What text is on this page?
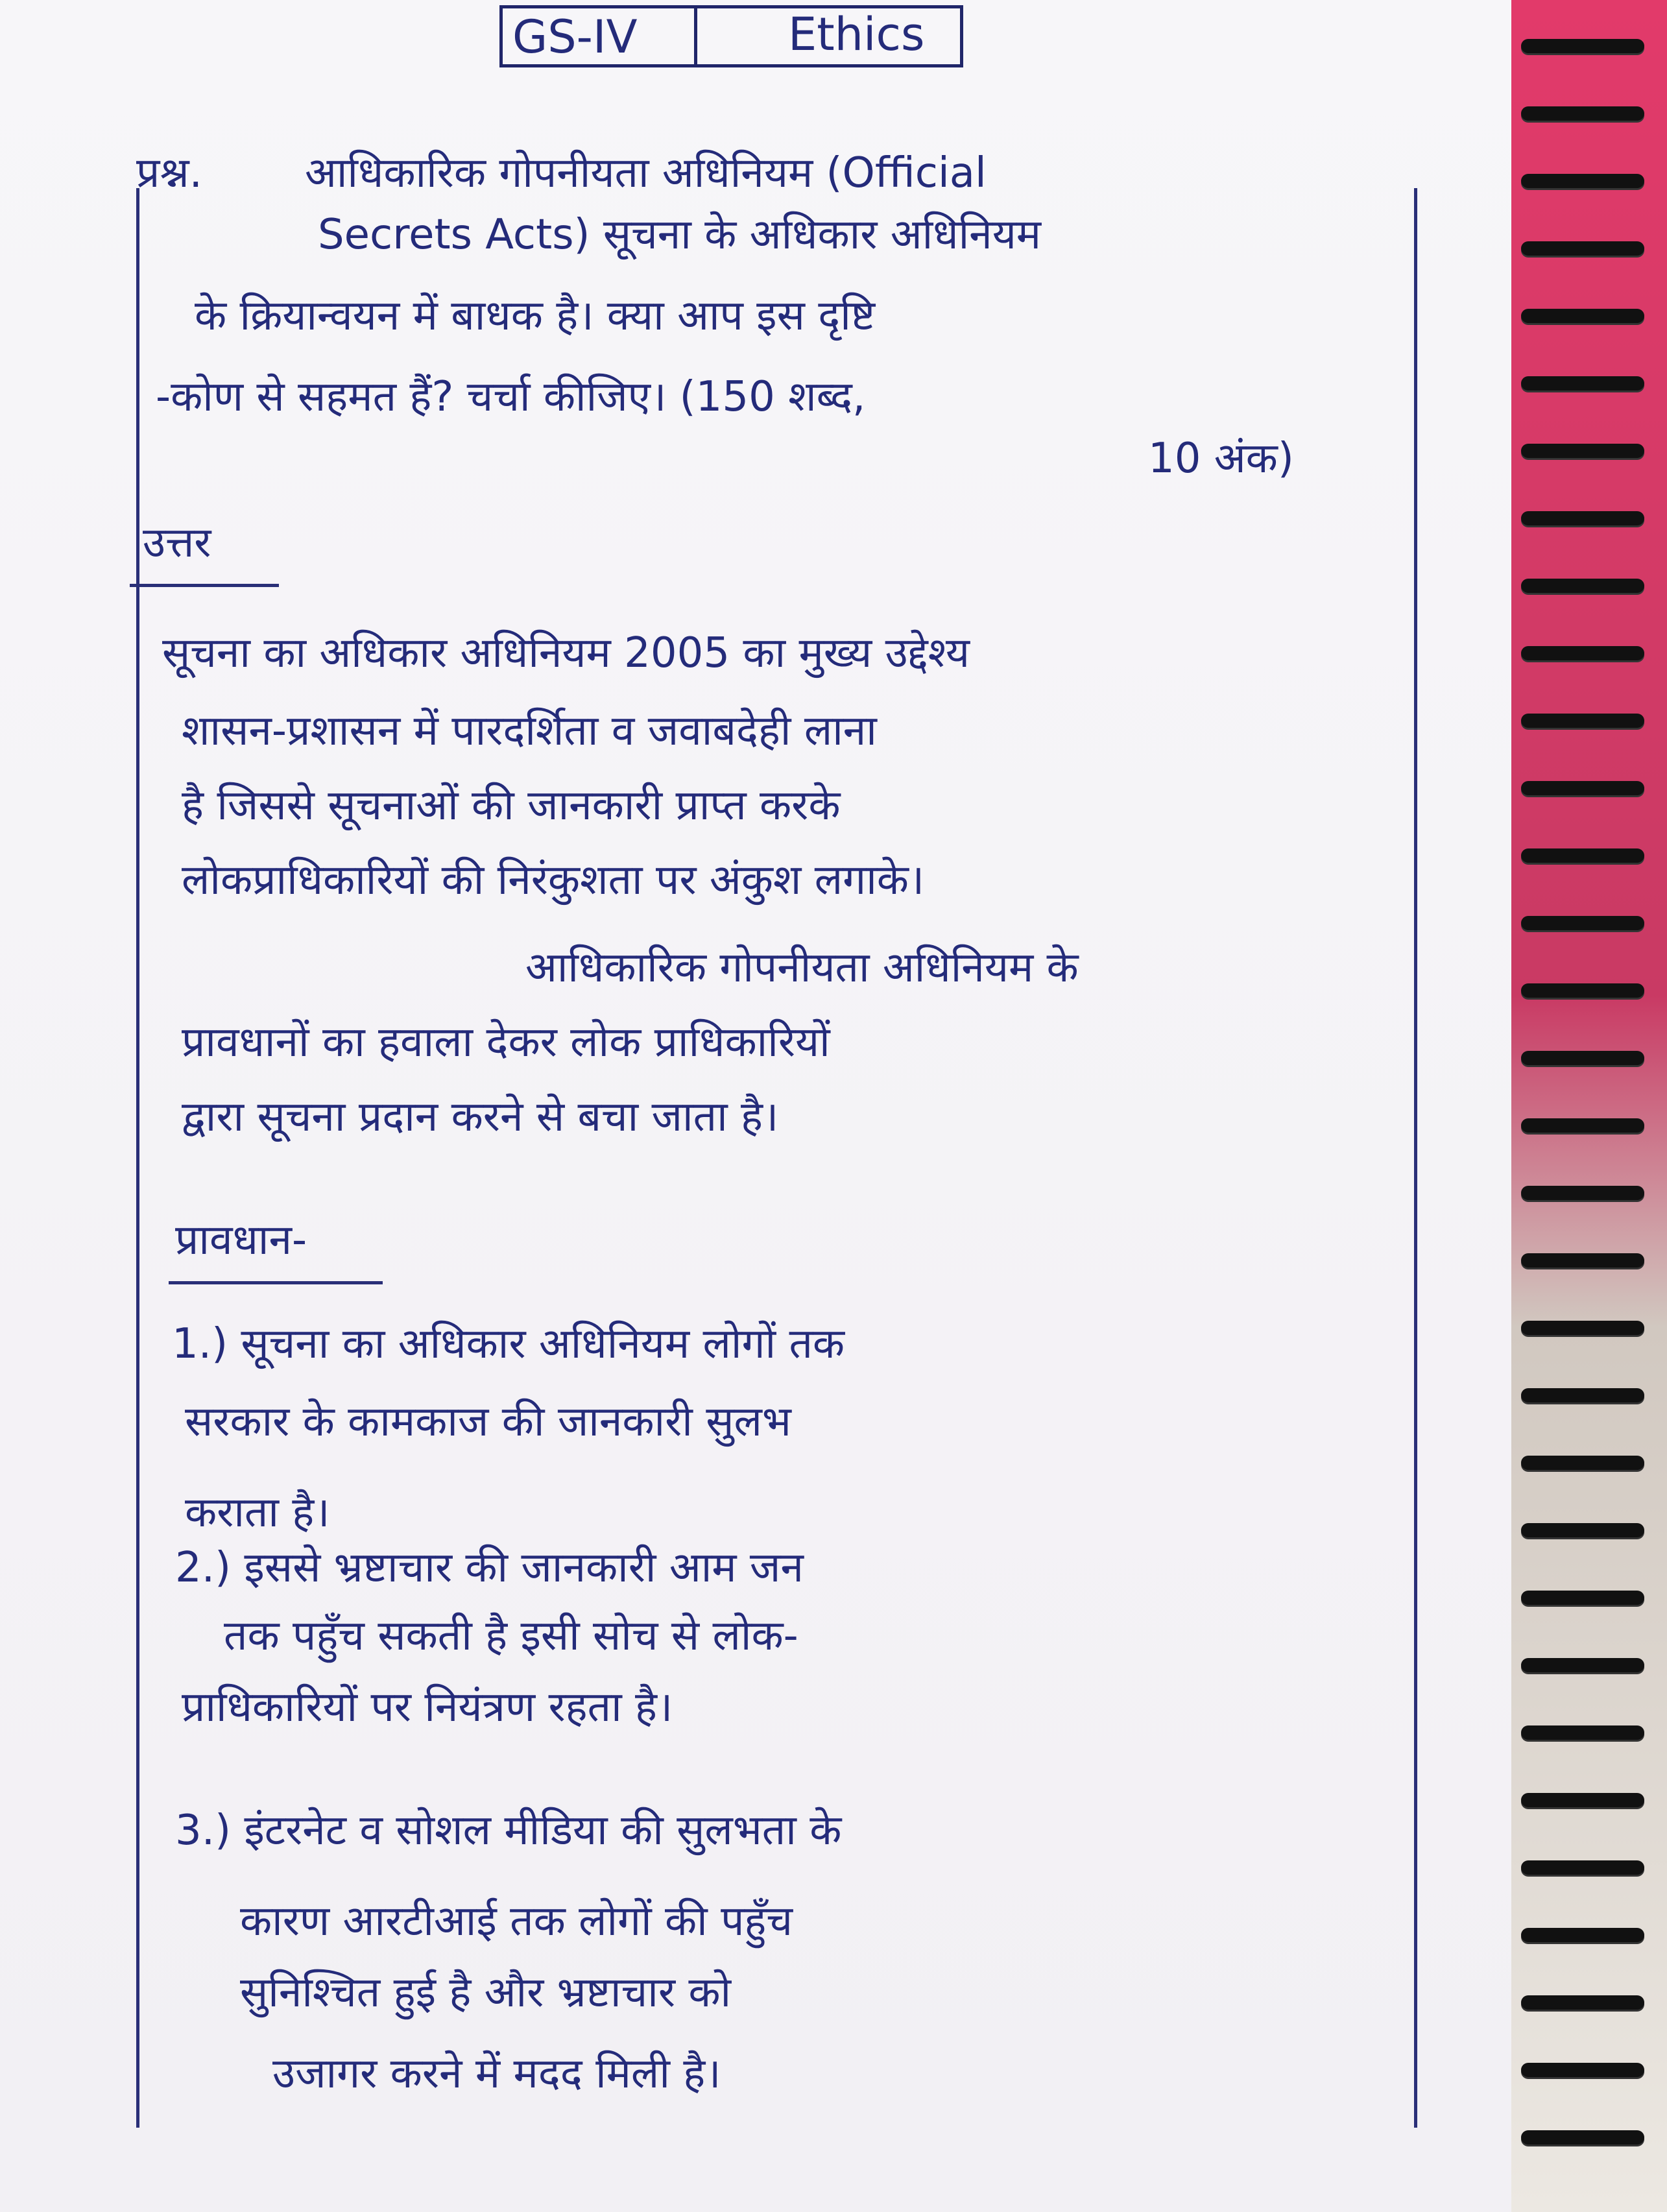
GS-IV	Ethics
प्रश्न. आधिकारिक गोपनीयता अधिनियम (Official
Secrets Acts) सूचना के अधिकार अधिनियम
के क्रियान्वयन में बाधक है। क्या आप इस दृष्टि
-कोण से सहमत हैं? चर्चा कीजिए। (150 शब्द,
10 अंक)
उत्तर
सूचना का अधिकार अधिनियम 2005 का मुख्य उद्देश्य
शासन-प्रशासन में पारदर्शिता व जवाबदेही लाना
है जिससे सूचनाओं की जानकारी प्राप्त करके
लोकप्राधिकारियों की निरंकुशता पर अंकुश लगाके।
आधिकारिक गोपनीयता अधिनियम के
प्रावधानों का हवाला देकर लोक प्राधिकारियों
द्वारा सूचना प्रदान करने से बचा जाता है।
प्रावधान-
1.) सूचना का अधिकार अधिनियम लोगों तक
सरकार के कामकाज की जानकारी सुलभ
कराता है।
2.) इससे भ्रष्टाचार की जानकारी आम जन
तक पहुँच सकती है इसी सोच से लोक-
प्राधिकारियों पर नियंत्रण रहता है।
3.) इंटरनेट व सोशल मीडिया की सुलभता के
कारण आरटीआई तक लोगों की पहुँच
सुनिश्चित हुई है और भ्रष्टाचार को
उजागर करने में मदद मिली है।
